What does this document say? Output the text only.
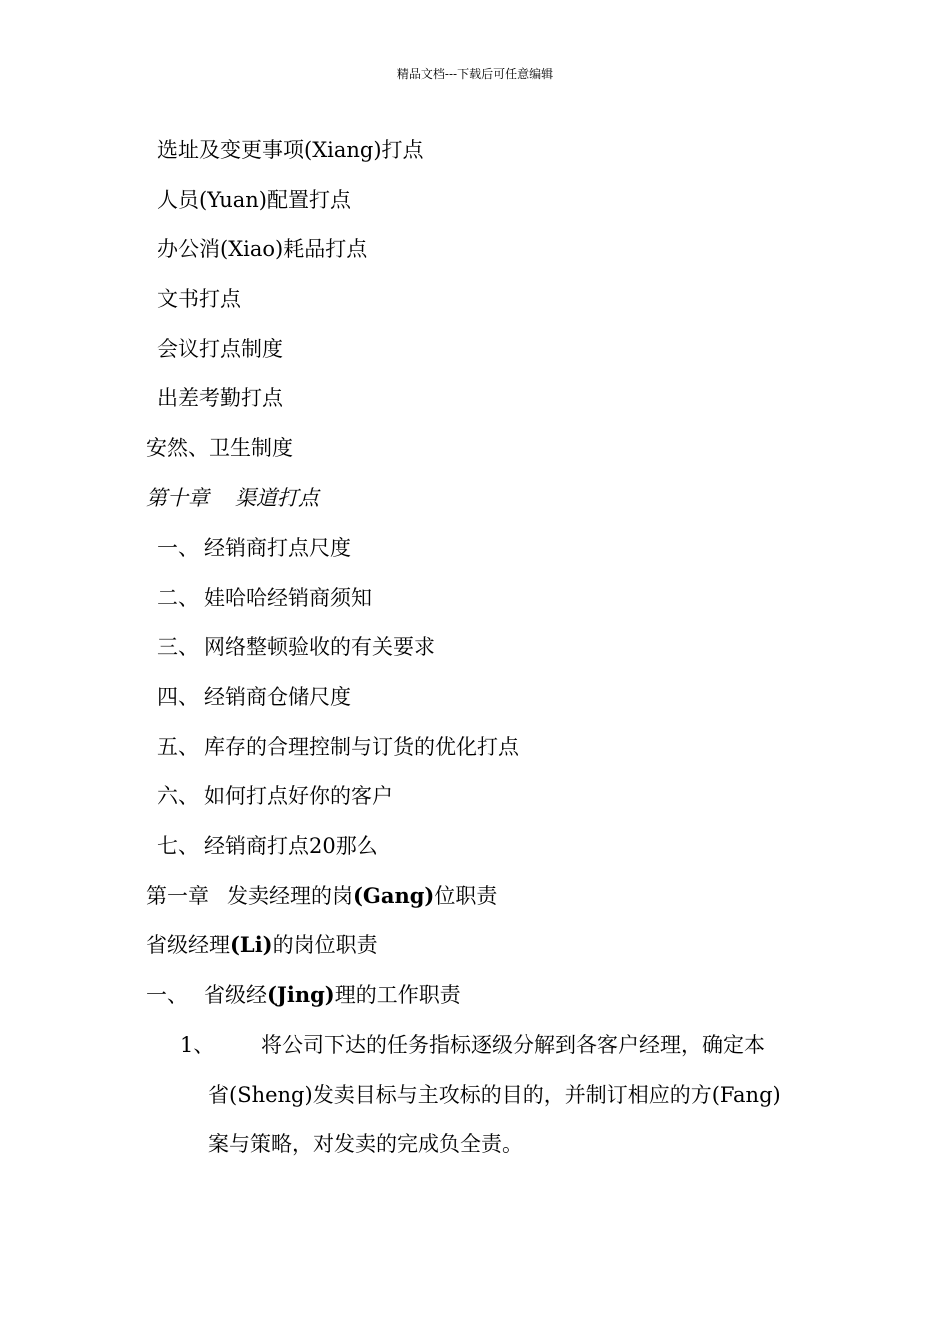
精品文档---下载后可任意编辑
选址及变更事项(Xiang)打点
人员(Yuan)配置打点
办公消(Xiao)耗品打点
文书打点
会议打点制度
出差考勤打点
安然、卫生制度
第十章 渠道打点
一、 经销商打点尺度
二、 娃哈哈经销商须知
三、 网络整顿验收的有关要求
四、 经销商仓储尺度
五、 库存的合理控制与订货的优化打点
六、 如何打点好你的客户
七、 经销商打点20那么
第一章 发卖经理的岗(Gang)位职责
省级经理(Li)的岗位职责
一、 省级经(Jing)理的工作职责
1、 将公司下达的任务指标逐级分解到各客户经理，确定本
省(Sheng)发卖目标与主攻标的目的，并制订相应的方(Fang)
案与策略，对发卖的完成负全责。
